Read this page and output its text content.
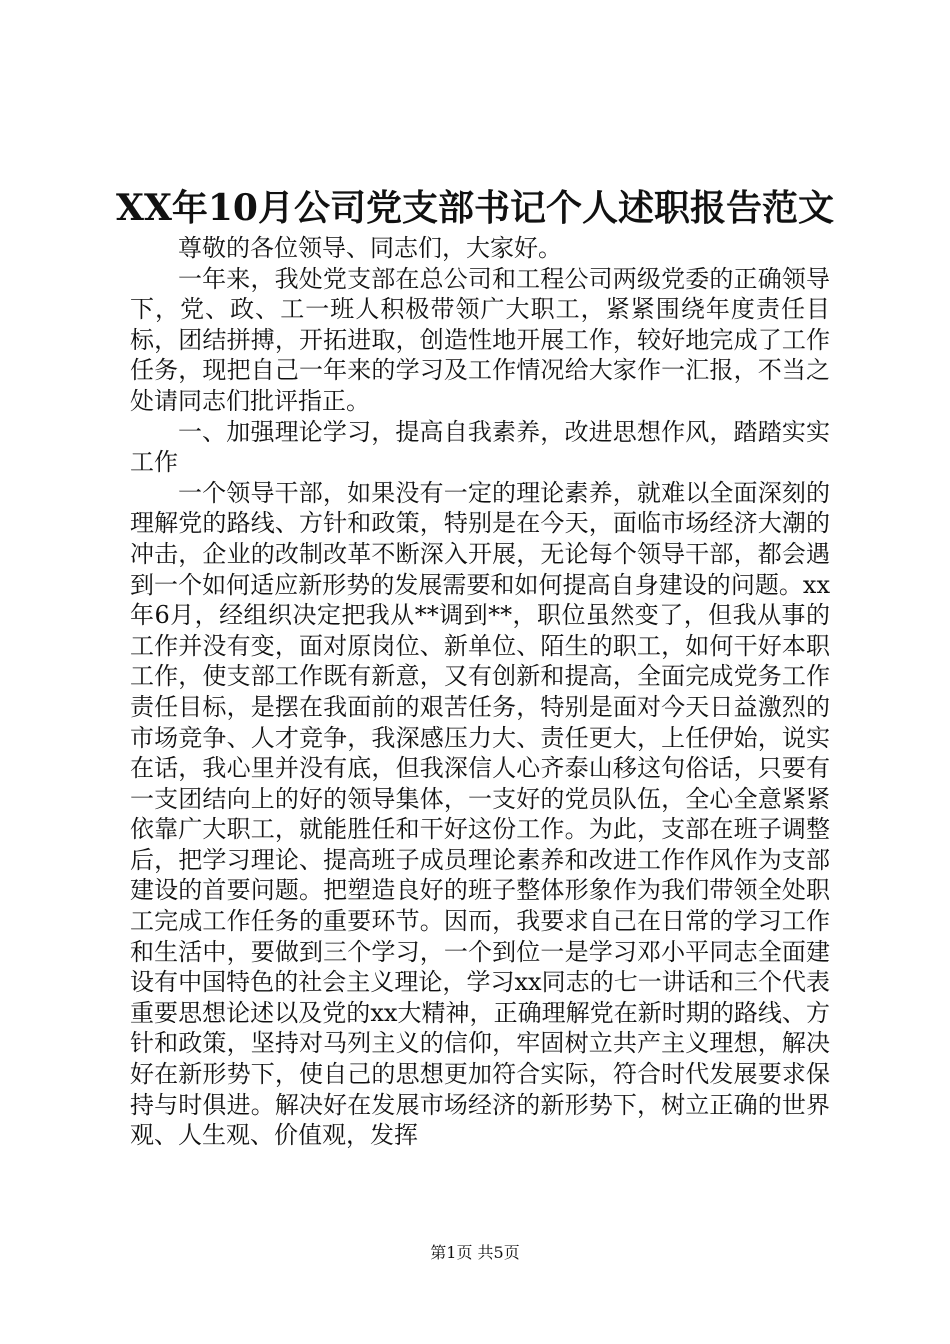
XX年10月公司党支部书记个人述职报告范文

尊敬的各位领导、同志们，大家好。

一年来，我处党支部在总公司和工程公司两级党委的正确领导下，党、政、工一班人积极带领广大职工，紧紧围绕年度责任目标，团结拼搏，开拓进取，创造性地开展工作，较好地完成了工作任务，现把自己一年来的学习及工作情况给大家作一汇报，不当之处请同志们批评指正。

一、加强理论学习，提高自我素养，改进思想作风，踏踏实实工作

一个领导干部，如果没有一定的理论素养，就难以全面深刻的理解党的路线、方针和政策，特别是在今天，面临市场经济大潮的冲击，企业的改制改革不断深入开展，无论每个领导干部，都会遇到一个如何适应新形势的发展需要和如何提高自身建设的问题。xx年6月，经组织决定把我从**调到**，职位虽然变了，但我从事的工作并没有变，面对原岗位、新单位、陌生的职工，如何干好本职工作，使支部工作既有新意，又有创新和提高，全面完成党务工作责任目标，是摆在我面前的艰苦任务，特别是面对今天日益激烈的市场竞争、人才竞争，我深感压力大、责任更大，上任伊始，说实在话，我心里并没有底，但我深信人心齐泰山移这句俗话，只要有一支团结向上的好的领导集体，一支好的党员队伍，全心全意紧紧依靠广大职工，就能胜任和干好这份工作。为此，支部在班子调整后，把学习理论、提高班子成员理论素养和改进工作作风作为支部建设的首要问题。把塑造良好的班子整体形象作为我们带领全处职工完成工作任务的重要环节。因而，我要求自己在日常的学习工作和生活中，要做到三个学习，一个到位一是学习邓小平同志全面建设有中国特色的社会主义理论，学习xx同志的七一讲话和三个代表重要思想论述以及党的xx大精神，正确理解党在新时期的路线、方针和政策，坚持对马列主义的信仰，牢固树立共产主义理想，解决好在新形势下，使自己的思想更加符合实际，符合时代发展要求保持与时俱进。解决好在发展市场经济的新形势下，树立正确的世界观、人生观、价值观，发挥

第1页 共5页
